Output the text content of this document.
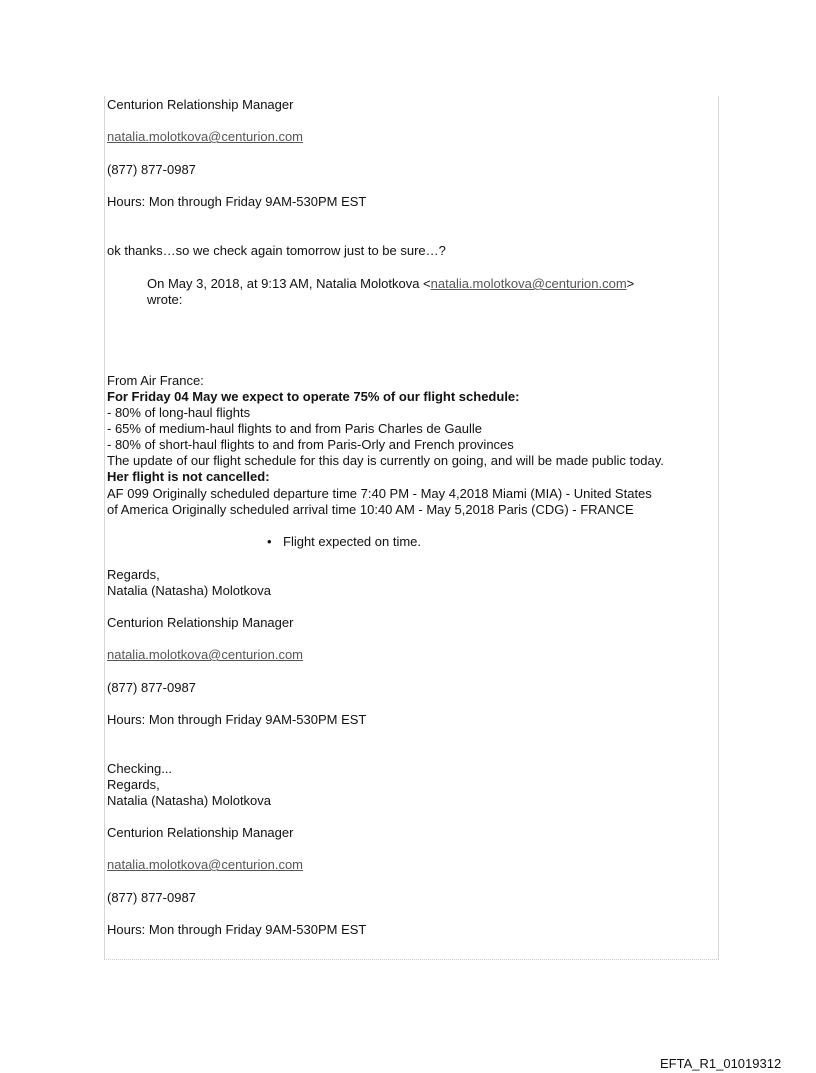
Centurion Relationship Manager
natalia.molotkova@centurion.com
(877) 877-0987
Hours: Mon through Friday 9AM-530PM EST
ok thanks…so we check again tomorrow just to be sure…?
On May 3, 2018, at 9:13 AM, Natalia Molotkova <natalia.molotkova@centurion.com>
wrote:
From Air France:
For Friday 04 May we expect to operate 75% of our flight schedule:
- 80% of long-haul flights
- 65% of medium-haul flights to and from Paris Charles de Gaulle
- 80% of short-haul flights to and from Paris-Orly and French provinces
The update of our flight schedule for this day is currently on going, and will be made public today.
Her flight is not cancelled:
AF 099 Originally scheduled departure time 7:40 PM - May 4,2018 Miami (MIA) - United States
of America Originally scheduled arrival time 10:40 AM - May 5,2018 Paris (CDG) - FRANCE
• Flight expected on time.
Regards,
Natalia (Natasha) Molotkova
Centurion Relationship Manager
natalia.molotkova@centurion.com
(877) 877-0987
Hours: Mon through Friday 9AM-530PM EST
Checking...
Regards,
Natalia (Natasha) Molotkova
Centurion Relationship Manager
natalia.molotkova@centurion.com
(877) 877-0987
Hours: Mon through Friday 9AM-530PM EST
EFTA_R1_01019312
